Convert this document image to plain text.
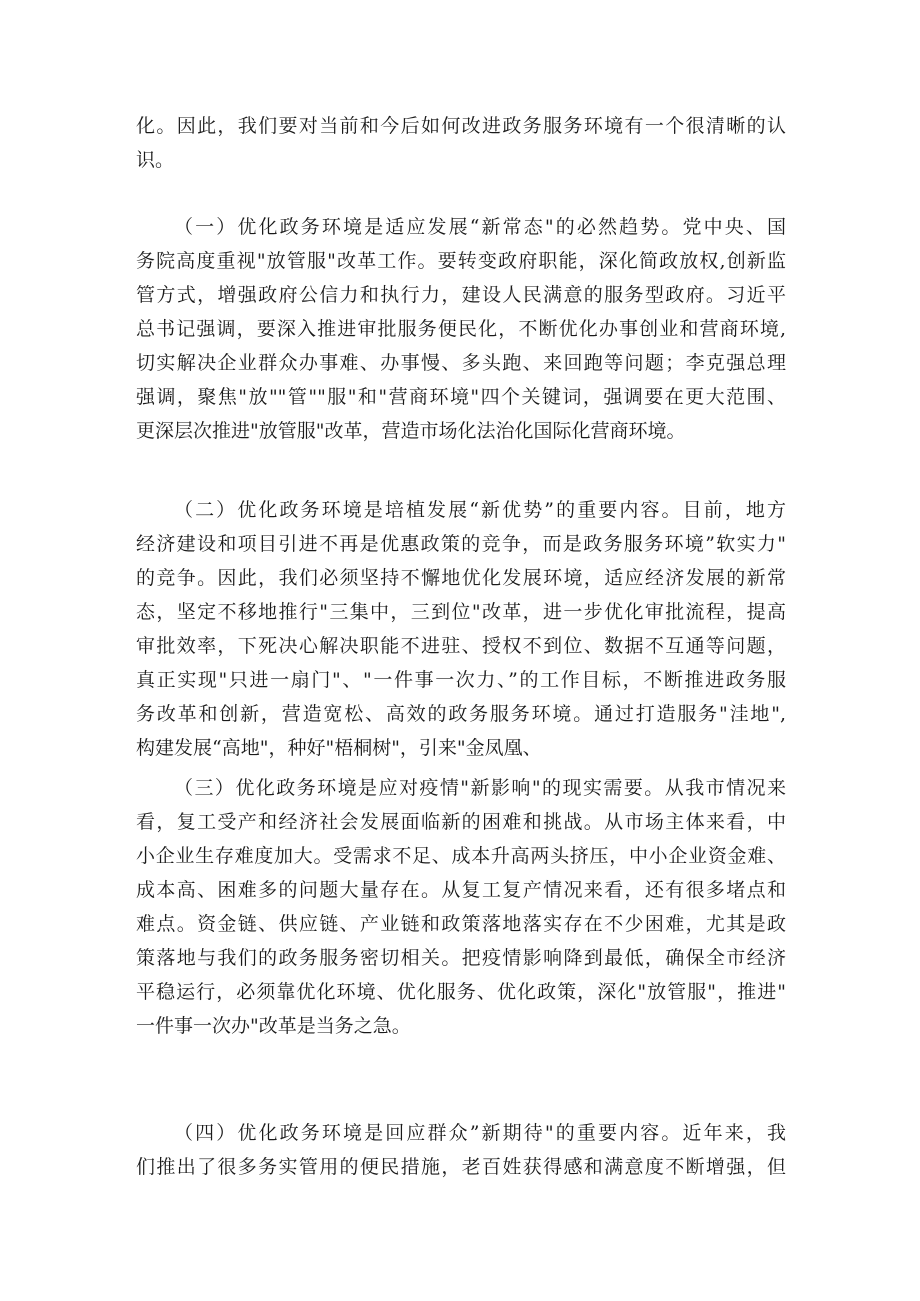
化。因此，我们要对当前和今后如何改进政务服务环境有一个很清晰的认
识。
（一）优化政务环境是适应发展“新常态"的必然趋势。党中央、国
务院高度重视"放管服"改革工作。要转变政府职能，深化简政放权,创新监
管方式，增强政府公信力和执行力，建设人民满意的服务型政府。习近平
总书记强调，要深入推进审批服务便民化，不断优化办事创业和营商环境,
切实解决企业群众办事难、办事慢、多头跑、来回跑等问题；李克强总理
强调，聚焦"放""管""服"和"营商环境"四个关键词，强调要在更大范围、
更深层次推进"放管服"改革，营造市场化法治化国际化营商环境。
（二）优化政务环境是培植发展“新优势”的重要内容。目前，地方
经济建设和项目引进不再是优惠政策的竞争，而是政务服务环境”软实力"
的竞争。因此，我们必须坚持不懈地优化发展环境，适应经济发展的新常
态，坚定不移地推行"三集中，三到位"改革，进一步优化审批流程，提高
审批效率，下死决心解决职能不进驻、授权不到位、数据不互通等问题，
真正实现"只进一扇门"、"一件事一次力、”的工作目标，不断推进政务服
务改革和创新，营造宽松、高效的政务服务环境。通过打造服务"洼地",
构建发展“高地"，种好"梧桐树"，引来"金凤凰、
（三）优化政务环境是应对疫情"新影响"的现实需要。从我市情况来
看，复工受产和经济社会发展面临新的困难和挑战。从市场主体来看，中
小企业生存难度加大。受需求不足、成本升高两头挤压，中小企业资金难、
成本高、困难多的问题大量存在。从复工复产情况来看，还有很多堵点和
难点。资金链、供应链、产业链和政策落地落实存在不少困难，尤其是政
策落地与我们的政务服务密切相关。把疫情影响降到最低，确保全市经济
平稳运行，必须靠优化环境、优化服务、优化政策，深化"放管服"，推进"
一件事一次办"改革是当务之急。
（四）优化政务环境是回应群众”新期待"的重要内容。近年来，我
们推出了很多务实管用的便民措施，老百姓获得感和满意度不断增强，但
